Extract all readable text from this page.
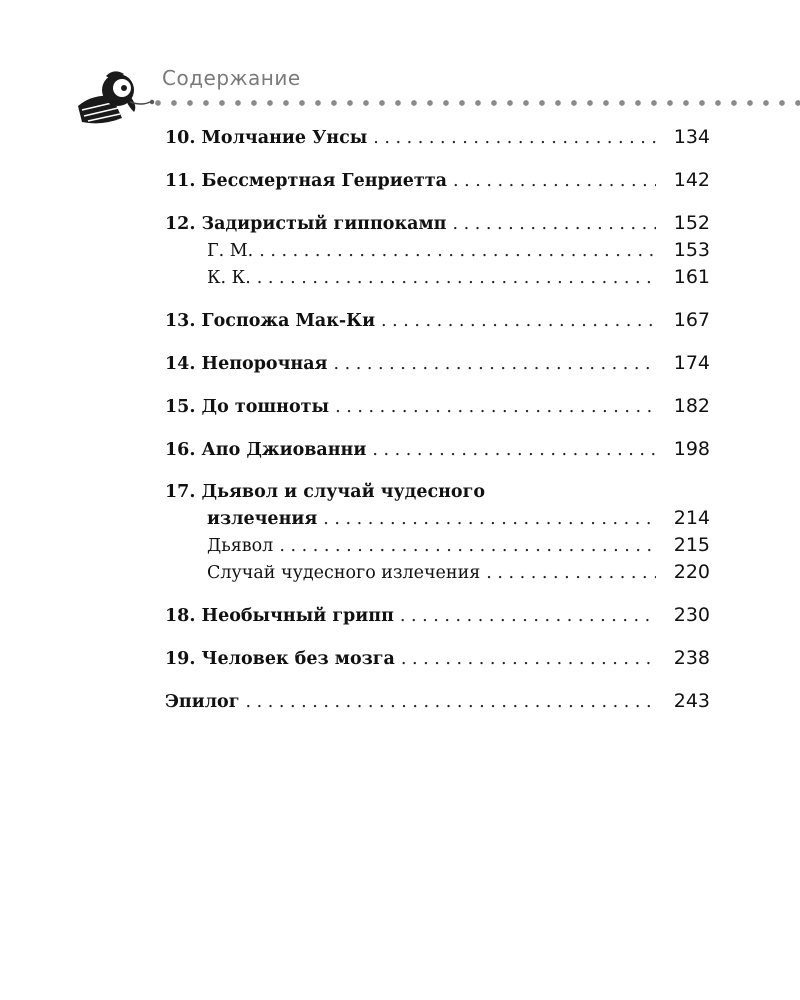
Содержание
10. Молчание Унсы . . .	134
11. Бессмертная Генриетта . . .	142
12. Задиристый гиппокамп . . .	152
Г. М. . . .	153
К. К. . . .	161
13. Госпожа Мак-Ки . . .	167
14. Непорочная . . .	174
15. До тошноты . . .	182
16. Апо Джиованни . . .	198
17. Дьявол и случай чудесного
излечения . . .	214
Дьявол . . .	215
Случай чудесного излечения . . .	220
18. Необычный грипп . . .	230
19. Человек без мозга . . .	238
Эпилог . . .	243
